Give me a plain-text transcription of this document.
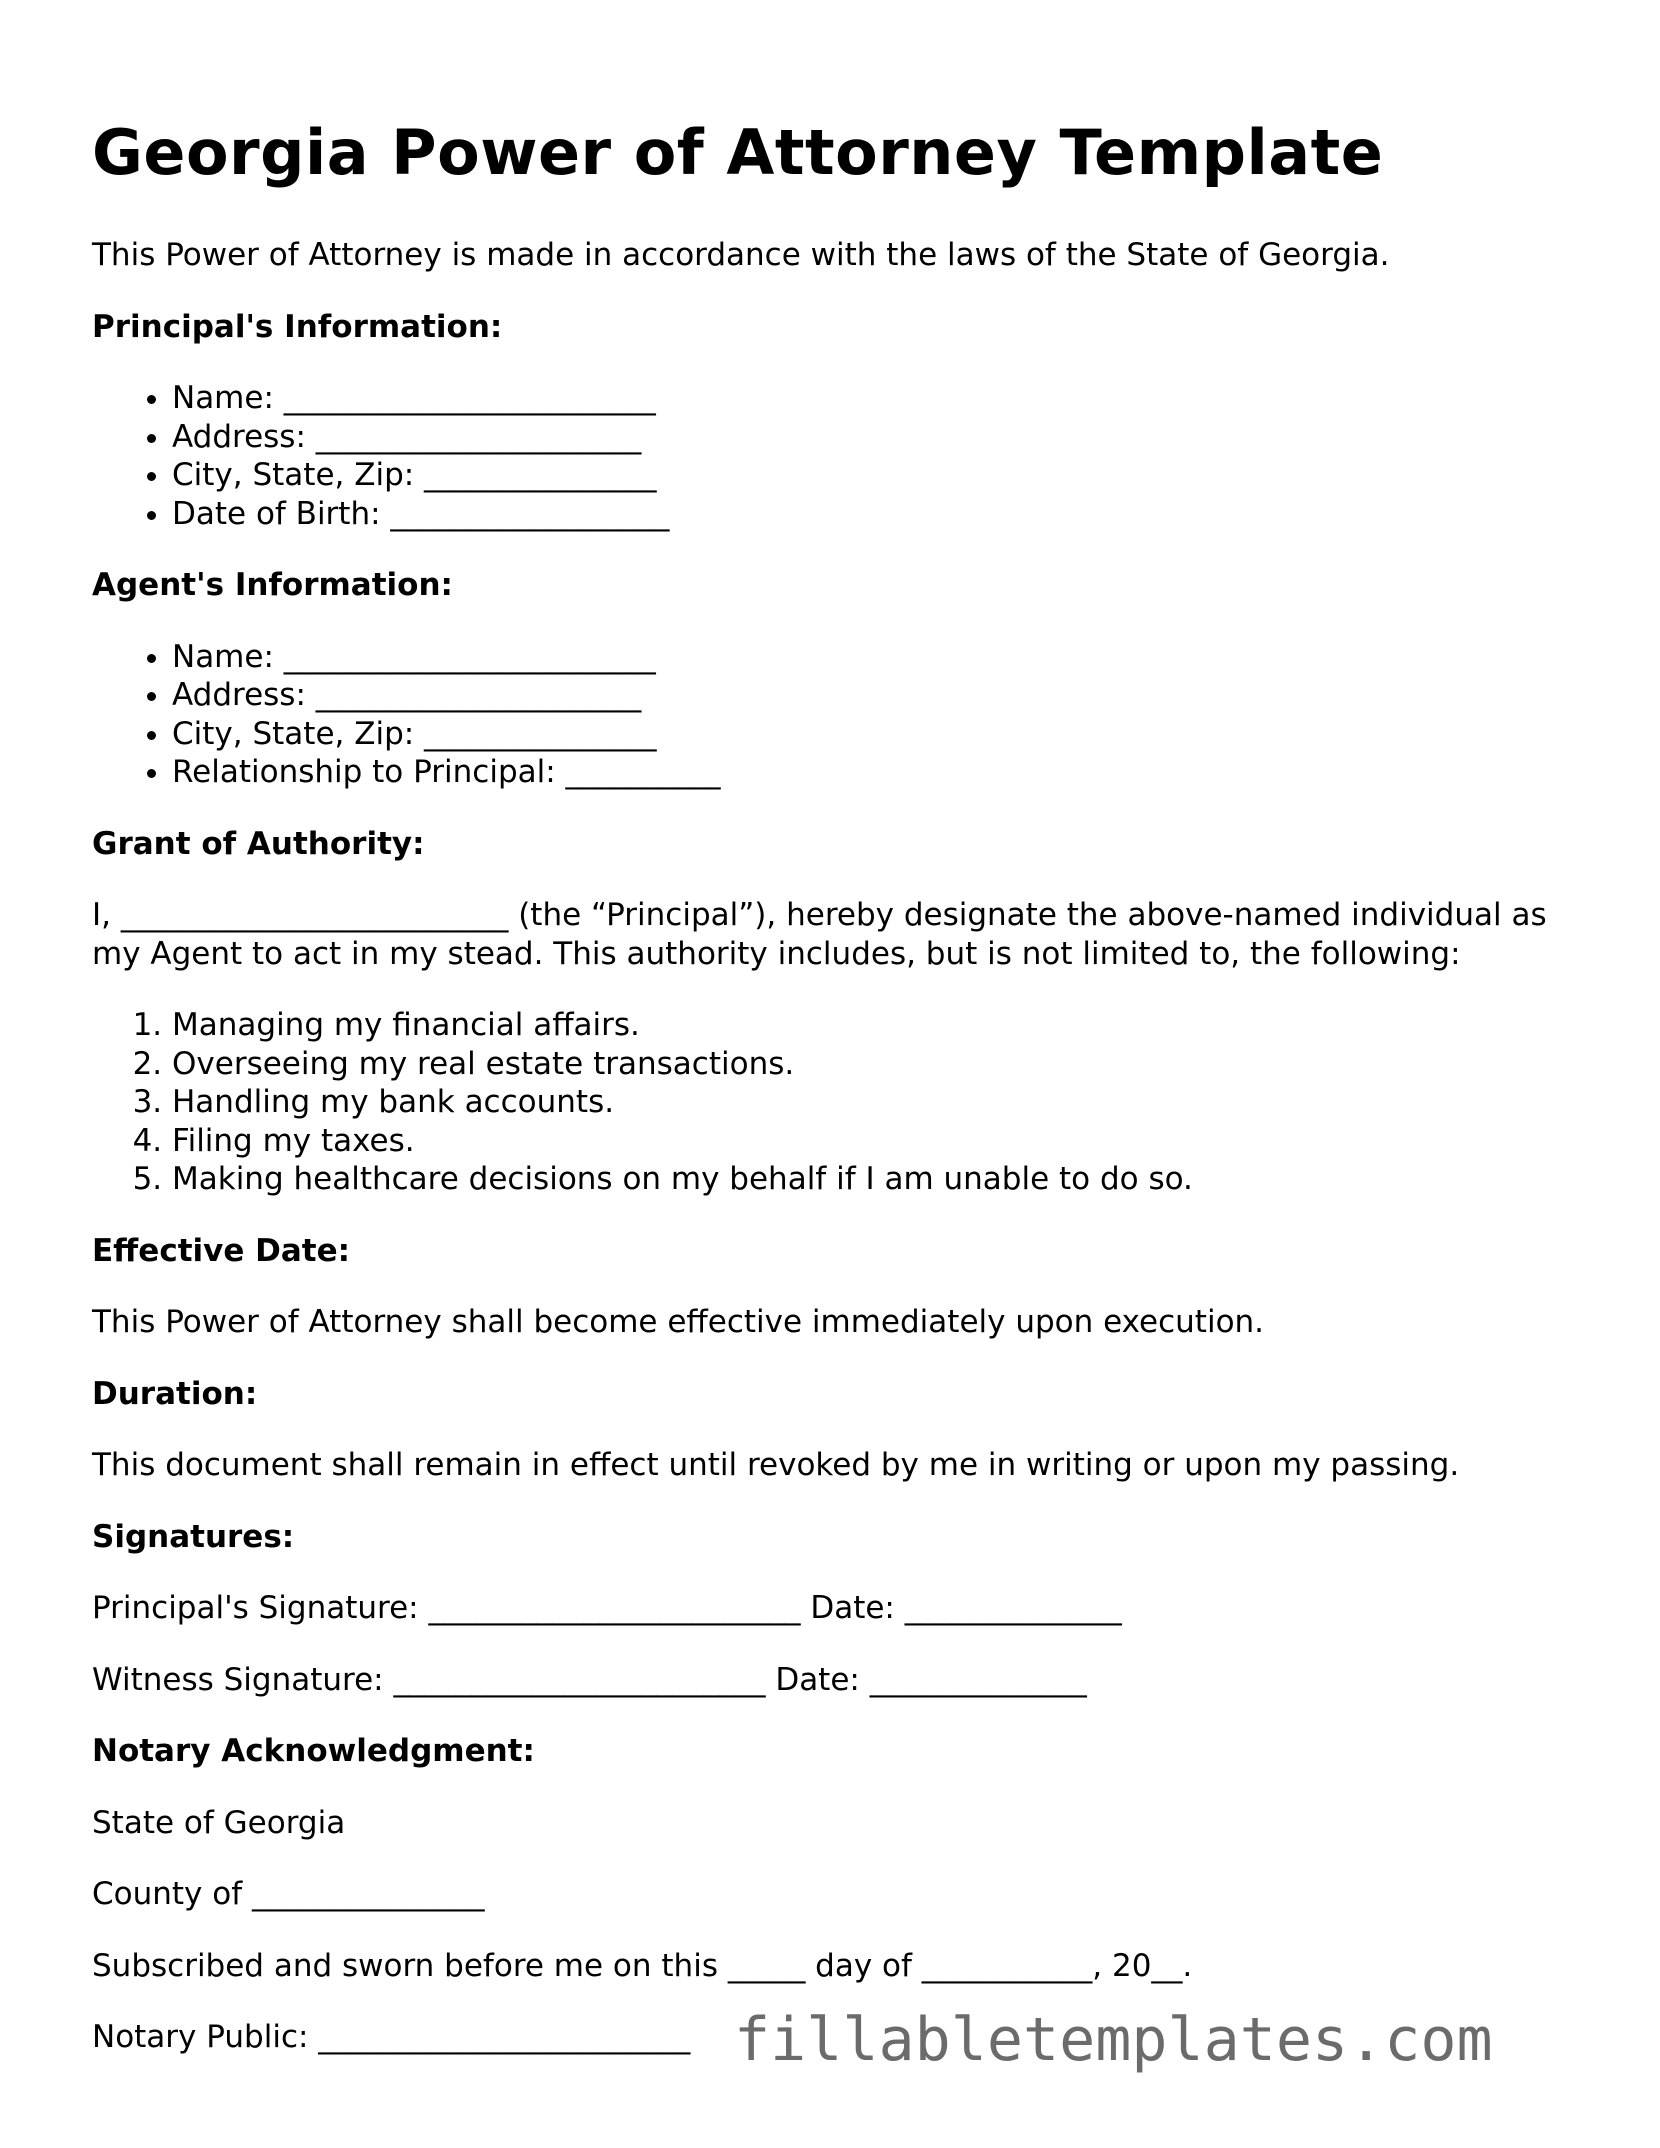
Georgia Power of Attorney Template

This Power of Attorney is made in accordance with the laws of the State of Georgia.

Principal's Information:
• Name: ________________________
• Address: _____________________
• City, State, Zip: _______________
• Date of Birth: __________________
Agent's Information:
• Name: ________________________
• Address: _____________________
• City, State, Zip: _______________
• Relationship to Principal: __________
Grant of Authority:

I, _________________________ (the “Principal”), hereby designate the above-named individual as my Agent to act in my stead. This authority includes, but is not limited to, the following:

1. Managing my financial affairs.
2. Overseeing my real estate transactions.
3. Handling my bank accounts.
4. Filing my taxes.
5. Making healthcare decisions on my behalf if I am unable to do so.
Effective Date:

This Power of Attorney shall become effective immediately upon execution.

Duration:

This document shall remain in effect until revoked by me in writing or upon my passing.

Signatures:

Principal's Signature: ________________________ Date: ______________

Witness Signature: ________________________ Date: ______________

Notary Acknowledgment:

State of Georgia

County of _______________

Subscribed and sworn before me on this _____ day of ___________, 20__.

Notary Public: ________________________ fillabletemplates.com
